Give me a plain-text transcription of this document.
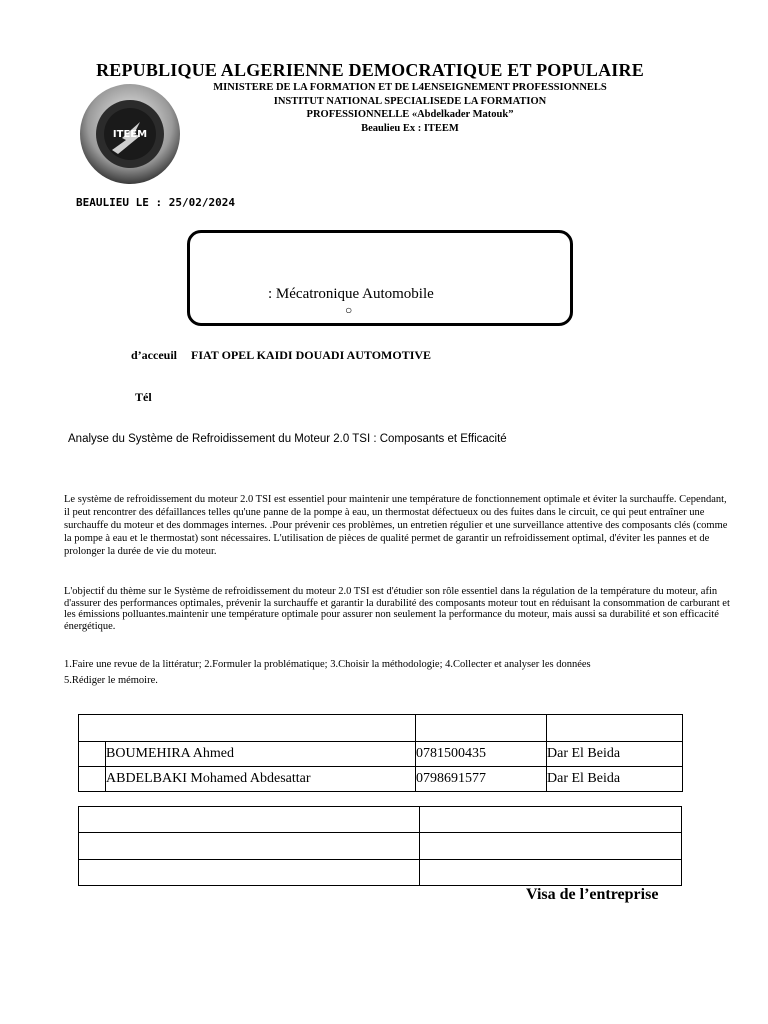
REPUBLIQUE ALGERIENNE DEMOCRATIQUE ET POPULAIRE
MINISTERE DE LA FORMATION ET DE L4ENSEIGNEMENT PROFESSIONNELS
INSTITUT NATIONAL SPECIALISEDE LA FORMATION
PROFESSIONNELLE «Abdelkader Matouk”
Beaulieu Ex : ITEEM
ITEEM
BEAULIEU LE : 25/02/2024
: Mécatronique Automobile
○
d’acceuil FIAT OPEL KAIDI DOUADI AUTOMOTIVE
Tél
Analyse du Système de Refroidissement du Moteur 2.0 TSI : Composants et Efficacité
Le système de refroidissement du moteur 2.0 TSI est essentiel pour maintenir une température de fonctionnement optimale et éviter la surchauffe. Cependant, il peut rencontrer des défaillances telles qu'une panne de la pompe à eau, un thermostat défectueux ou des fuites dans le circuit, ce qui peut entraîner une surchauffe du moteur et des dommages internes. .Pour prévenir ces problèmes, un entretien régulier et une surveillance attentive des composants clés (comme la pompe à eau et le thermostat) sont nécessaires. L'utilisation de pièces de qualité permet de garantir un refroidissement optimal, d'éviter les pannes et de prolonger la durée de vie du moteur.
L'objectif du thème sur le Système de refroidissement du moteur 2.0 TSI est d'étudier son rôle essentiel dans la régulation de la température du moteur, afin d'assurer des performances optimales, prévenir la surchauffe et garantir la durabilité des composants moteur tout en réduisant la consommation de carburant et les émissions polluantes.maintenir une température optimale pour assurer non seulement la performance du moteur, mais aussi sa durabilité et son efficacité énergétique.
1.Faire une revue de la littératur; 2.Formuler la problématique; 3.Choisir la méthodologie; 4.Collecter et analyser les données
5.Rédiger le mémoire.

	BOUMEHIRA Ahmed	0781500435	Dar El Beida
	ABDELBAKI Mohamed Abdesattar	0798691577	Dar El Beida

Visa de l’entreprise
